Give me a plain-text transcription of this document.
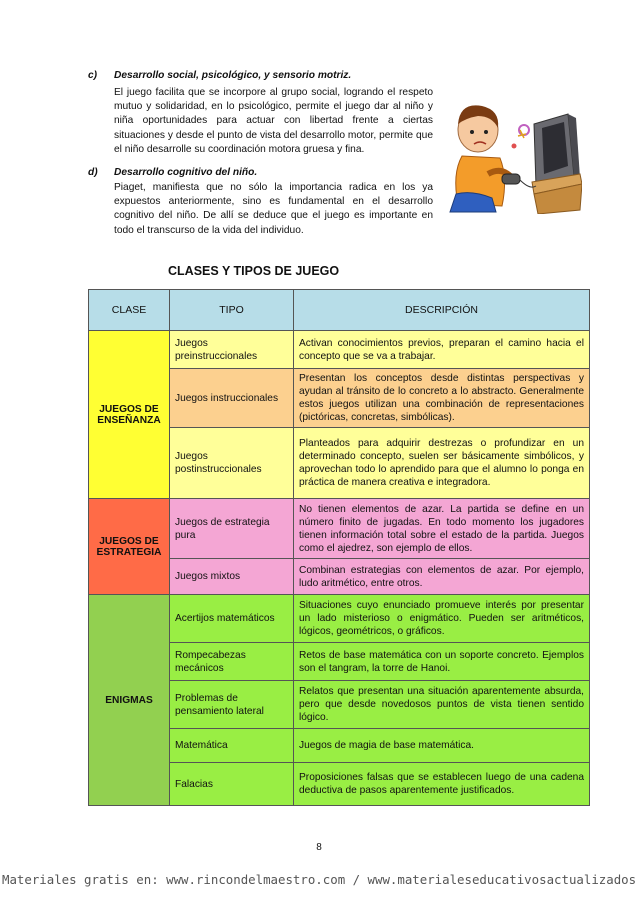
c) Desarrollo social, psicológico, y sensorio motriz.
El juego facilita que se incorpore al grupo social, logrando el respeto mutuo y solidaridad, en lo psicológico, permite el juego dar al niño y niña oportunidades para actuar con libertad frente a ciertas situaciones y desde el punto de vista del desarrollo motor, permite que el niño desarrolle su coordinación motora gruesa y fina.
d) Desarrollo cognitivo del niño.
Piaget, manifiesta que no sólo la importancia radica en los ya expuestos anteriormente, sino es fundamental en el desarrollo cognitivo del niño. De allí se deduce que el juego es importante en todo el transcurso de la vida del individuo.
CLASES Y TIPOS DE JUEGO
CLASE	TIPO	DESCRIPCIÓN
JUEGOS DE ENSEÑANZA	Juegos preinstruccionales	Activan conocimientos previos, preparan el camino hacia el concepto que se va a trabajar.
	Juegos instruccionales	Presentan los conceptos desde distintas perspectivas y ayudan al tránsito de lo concreto a lo abstracto. Generalmente estos juegos utilizan una combinación de representaciones (pictóricas, concretas, simbólicas).
	Juegos postinstruccionales	Planteados para adquirir destrezas o profundizar en un determinado concepto, suelen ser básicamente simbólicos, y aprovechan todo lo aprendido para que el alumno lo ponga en práctica de manera creativa e integradora.
JUEGOS DE ESTRATEGIA	Juegos de estrategia pura	No tienen elementos de azar. La partida se define en un número finito de jugadas. En todo momento los jugadores tienen información total sobre el estado de la partida. Juegos como el ajedrez, son ejemplo de ellos.
	Juegos mixtos	Combinan estrategias con elementos de azar. Por ejemplo, ludo aritmético, entre otros.
ENIGMAS	Acertijos matemáticos	Situaciones cuyo enunciado promueve interés por presentar un lado misterioso o enigmático. Pueden ser aritméticos, lógicos, geométricos, o gráficos.
	Rompecabezas mecánicos	Retos de base matemática con un soporte concreto. Ejemplos son el tangram, la torre de Hanoi.
	Problemas de pensamiento lateral	Relatos que presentan una situación aparentemente absurda, pero que desde novedosos puntos de vista tienen sentido lógico.
	Matemática	Juegos de magia de base matemática.
	Falacias	Proposiciones falsas que se establecen luego de una cadena deductiva de pasos aparentemente justificados.
8
Materiales gratis en: www.rincondelmaestro.com / www.materialeseducativosactualizados
